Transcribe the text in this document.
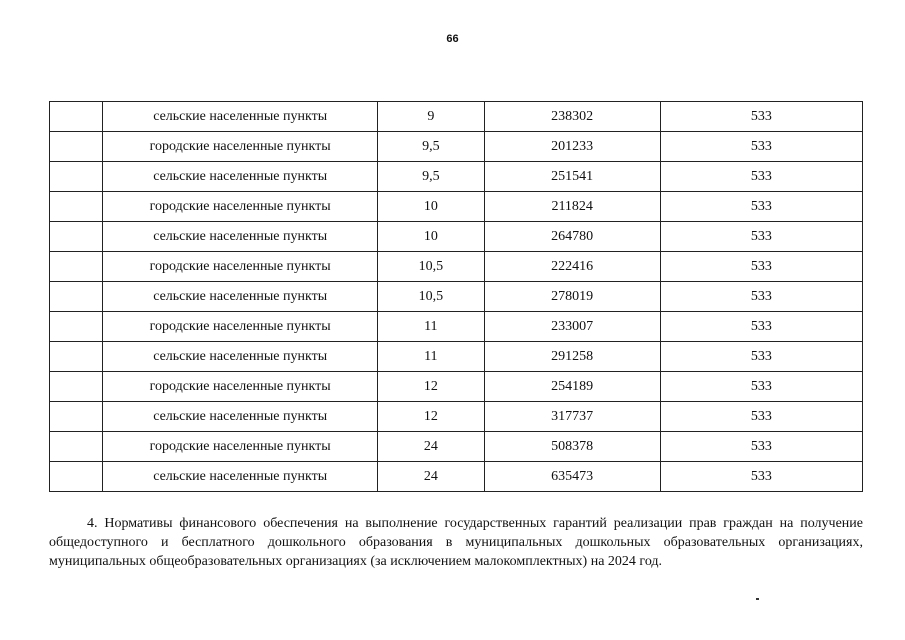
66
	сельские населенные пункты	9	238302	533
	городские населенные пункты	9,5	201233	533
	сельские населенные пункты	9,5	251541	533
	городские населенные пункты	10	211824	533
	сельские населенные пункты	10	264780	533
	городские населенные пункты	10,5	222416	533
	сельские населенные пункты	10,5	278019	533
	городские населенные пункты	11	233007	533
	сельские населенные пункты	11	291258	533
	городские населенные пункты	12	254189	533
	сельские населенные пункты	12	317737	533
	городские населенные пункты	24	508378	533
	сельские населенные пункты	24	635473	533

4. Нормативы финансового обеспечения на выполнение государственных гарантий реализации прав граждан на получение общедоступного и бесплатного дошкольного образования в муниципальных дошкольных образовательных организациях, муниципальных общеобразовательных организациях (за исключением малокомплектных) на 2024 год.
